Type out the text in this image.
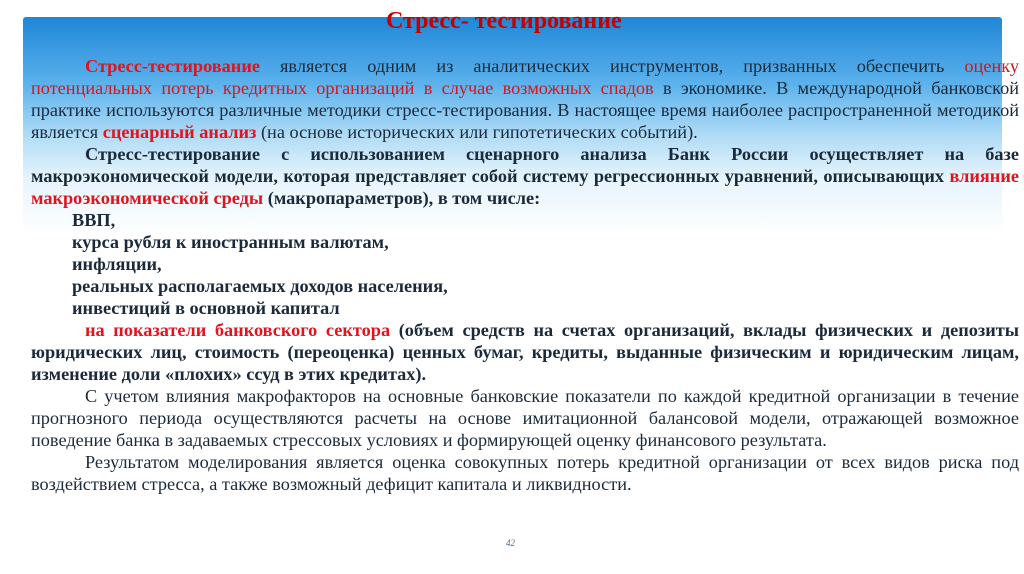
Стресс- тестирование

Стресс-тестирование является одним из аналитических инструментов, призванных обеспечить оценку потенциальных потерь кредитных организаций в случае возможных спадов в экономике. В международной банковской практике используются различные методики стресс-тестирования. В настоящее время наиболее распространенной методикой является сценарный анализ (на основе исторических или гипотетических событий).

Стресс-тестирование с использованием сценарного анализа Банк России осуществляет на базе макроэкономической модели, которая представляет собой систему регрессионных уравнений, описывающих влияние макроэкономической среды (макропараметров), в том числе:

ВВП,

курса рубля к иностранным валютам,

инфляции,

реальных располагаемых доходов населения,

инвестиций в основной капитал

на показатели банковского сектора (объем средств на счетах организаций, вклады физических и депозиты юридических лиц, стоимость (переоценка) ценных бумаг, кредиты, выданные физическим и юридическим лицам, изменение доли «плохих» ссуд в этих кредитах).

С учетом влияния макрофакторов на основные банковские показатели по каждой кредитной организации в течение прогнозного периода осуществляются расчеты на основе имитационной балансовой модели, отражающей возможное поведение банка в задаваемых стрессовых условиях и формирующей оценку финансового результата.

Результатом моделирования является оценка совокупных потерь кредитной организации от всех видов риска под воздействием стресса, а также возможный дефицит капитала и ликвидности.

42
